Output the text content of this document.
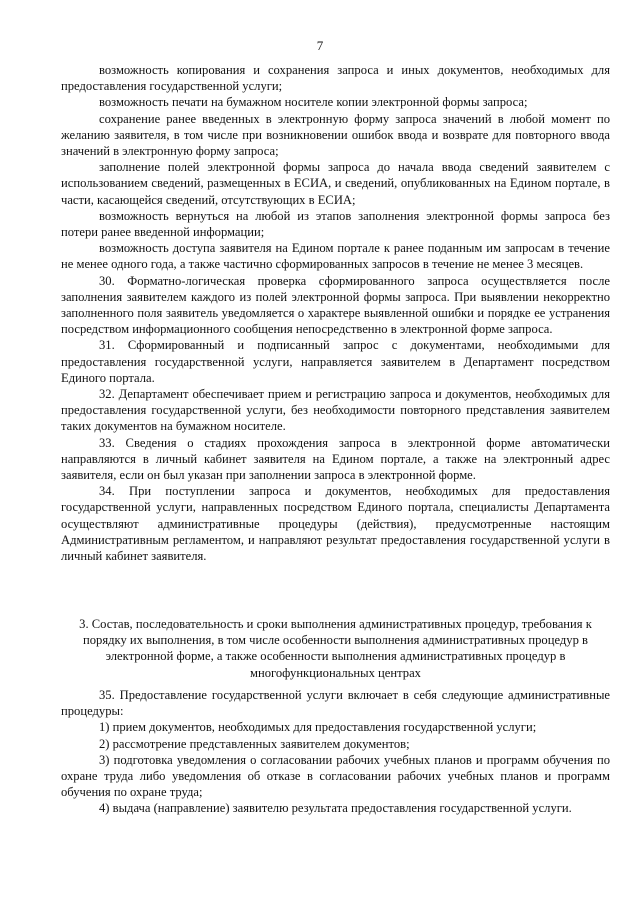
7

возможность копирования и сохранения запроса и иных документов, необходимых для предоставления государственной услуги;

возможность печати на бумажном носителе копии электронной формы запроса;

сохранение ранее введенных в электронную форму запроса значений в любой момент по желанию заявителя, в том числе при возникновении ошибок ввода и возврате для повторного ввода значений в электронную форму запроса;

заполнение полей электронной формы запроса до начала ввода сведений заявителем с использованием сведений, размещенных в ЕСИА, и сведений, опубликованных на Едином портале, в части, касающейся сведений, отсутствующих в ЕСИА;

возможность вернуться на любой из этапов заполнения электронной формы запроса без потери ранее введенной информации;

возможность доступа заявителя на Едином портале к ранее поданным им запросам в течение не менее одного года, а также частично сформированных запросов в течение не менее 3 месяцев.

30. Форматно-логическая проверка сформированного запроса осуществляется после заполнения заявителем каждого из полей электронной формы запроса. При выявлении некорректно заполненного поля заявитель уведомляется о характере выявленной ошибки и порядке ее устранения посредством информационного сообщения непосредственно в электронной форме запроса.

31. Сформированный и подписанный запрос с документами, необходимыми для предоставления государственной услуги, направляется заявителем в Департамент посредством Единого портала.

32. Департамент обеспечивает прием и регистрацию запроса и документов, необходимых для предоставления государственной услуги, без необходимости повторного представления заявителем таких документов на бумажном носителе.

33. Сведения о стадиях прохождения запроса в электронной форме автоматически направляются в личный кабинет заявителя на Едином портале, а также на электронный адрес заявителя, если он был указан при заполнении запроса в электронной форме.

34. При поступлении запроса и документов, необходимых для предоставления государственной услуги, направленных посредством Единого портала, специалисты Департамента осуществляют административные процедуры (действия), предусмотренные настоящим Административным регламентом, и направляют результат предоставления государственной услуги в личный кабинет заявителя.

3. Состав, последовательность и сроки выполнения административных процедур, требования к порядку их выполнения, в том числе особенности выполнения административных процедур в электронной форме, а также особенности выполнения административных процедур в многофункциональных центрах

35. Предоставление государственной услуги включает в себя следующие административные процедуры:

1) прием документов, необходимых для предоставления государственной услуги;

2) рассмотрение представленных заявителем документов;

3) подготовка уведомления о согласовании рабочих учебных планов и программ обучения по охране труда либо уведомления об отказе в согласовании рабочих учебных планов и программ обучения по охране труда;

4) выдача (направление) заявителю результата предоставления государственной услуги.
